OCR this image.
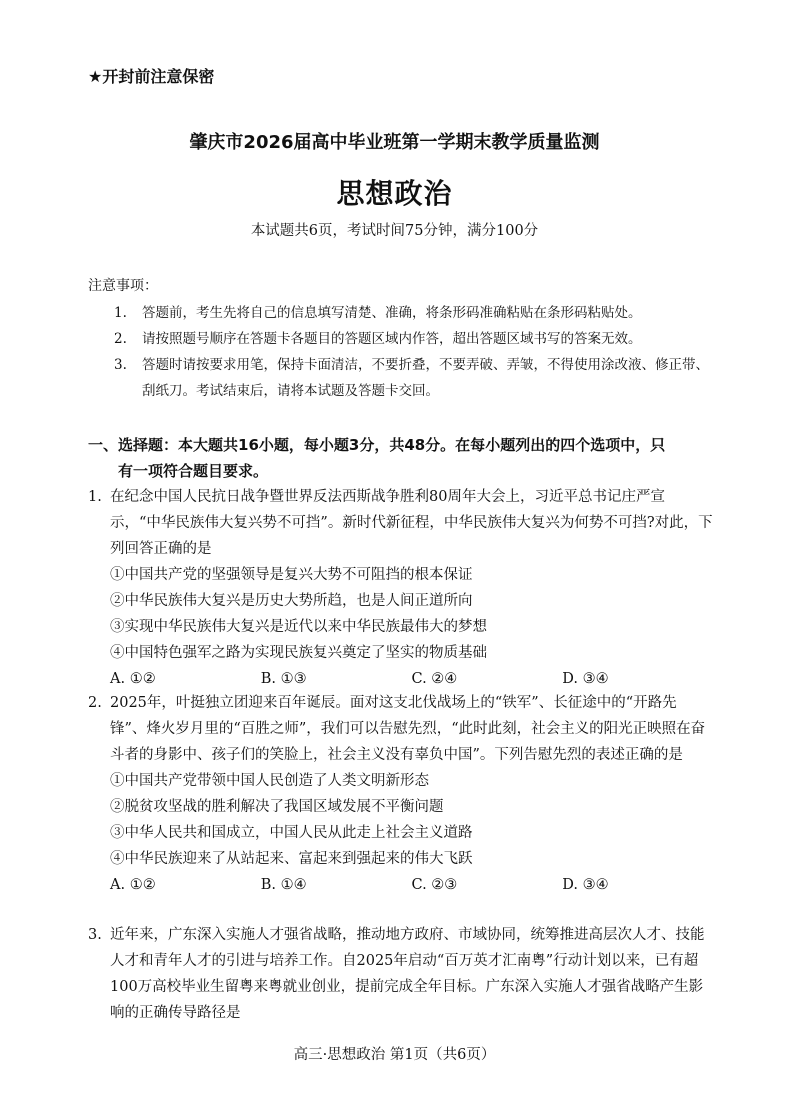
★开封前注意保密
肇庆市2026届高中毕业班第一学期末教学质量监测
思想政治
本试题共6页，考试时间75分钟，满分100分
注意事项：
1. 答题前，考生先将自己的信息填写清楚、准确，将条形码准确粘贴在条形码粘贴处。
2. 请按照题号顺序在答题卡各题目的答题区域内作答，超出答题区域书写的答案无效。
3. 答题时请按要求用笔，保持卡面清洁，不要折叠，不要弄破、弄皱，不得使用涂改液、修正带、刮纸刀。考试结束后，请将本试题及答题卡交回。
一、选择题：本大题共16小题，每小题3分，共48分。在每小题列出的四个选项中，只
有一项符合题目要求。
1. 在纪念中国人民抗日战争暨世界反法西斯战争胜利80周年大会上，习近平总书记庄严宣示，“中华民族伟大复兴势不可挡”。新时代新征程，中华民族伟大复兴为何势不可挡?对此，下列回答正确的是
①中国共产党的坚强领导是复兴大势不可阻挡的根本保证
②中华民族伟大复兴是历史大势所趋，也是人间正道所向
③实现中华民族伟大复兴是近代以来中华民族最伟大的梦想
④中国特色强军之路为实现民族复兴奠定了坚实的物质基础
A. ①②	B. ①③	C. ②④	D. ③④
2. 2025年，叶挺独立团迎来百年诞辰。面对这支北伐战场上的“铁军”、长征途中的“开路先锋”、烽火岁月里的“百胜之师”，我们可以告慰先烈，“此时此刻，社会主义的阳光正映照在奋斗者的身影中、孩子们的笑脸上，社会主义没有辜负中国”。下列告慰先烈的表述正确的是
①中国共产党带领中国人民创造了人类文明新形态
②脱贫攻坚战的胜利解决了我国区域发展不平衡问题
③中华人民共和国成立，中国人民从此走上社会主义道路
④中华民族迎来了从站起来、富起来到强起来的伟大飞跃
A. ①②	B. ①④	C. ②③	D. ③④
3. 近年来，广东深入实施人才强省战略，推动地方政府、市域协同，统筹推进高层次人才、技能人才和青年人才的引进与培养工作。自2025年启动“百万英才汇南粤”行动计划以来，已有超100万高校毕业生留粤来粤就业创业，提前完成全年目标。广东深入实施人才强省战略产生影响的正确传导路径是
高三·思想政治 第1页（共6页）
